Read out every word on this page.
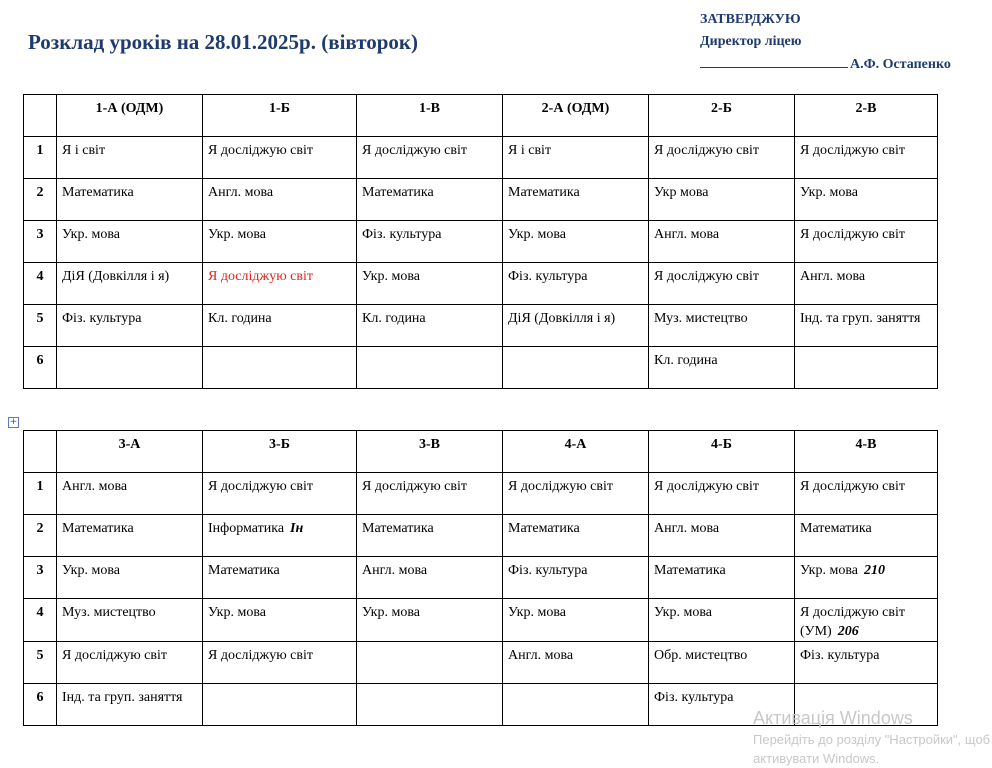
Розклад уроків на 28.01.2025р. (вівторок)
ЗАТВЕРДЖУЮ
Директор ліцею
А.Ф. Остапенко
	1-А (ОДМ)	1-Б	1-В	2-А (ОДМ)	2-Б	2-В
1	Я і світ	Я досліджую світ	Я досліджую світ	Я і світ	Я досліджую світ	Я досліджую світ
2	Математика	Англ. мова	Математика	Математика	Укр мова	Укр. мова
3	Укр. мова	Укр. мова	Фіз. культура	Укр. мова	Англ. мова	Я досліджую світ
4	ДіЯ (Довкілля і я)	Я досліджую світ	Укр. мова	Фіз. культура	Я досліджую світ	Англ. мова
5	Фіз. культура	Кл. година	Кл. година	ДіЯ (Довкілля і я)	Муз. мистецтво	Інд. та груп. заняття
6					Кл. година	
+
	3-А	3-Б	3-В	4-А	4-Б	4-В
1	Англ. мова	Я досліджую світ	Я досліджую світ	Я досліджую світ	Я досліджую світ	Я досліджую світ
2	Математика	Інформатика Ін	Математика	Математика	Англ. мова	Математика
3	Укр. мова	Математика	Англ. мова	Фіз. культура	Математика	Укр. мова 210
4	Муз. мистецтво	Укр. мова	Укр. мова	Укр. мова	Укр. мова	Я досліджую світ (УМ) 206
5	Я досліджую світ	Я досліджую світ		Англ. мова	Обр. мистецтво	Фіз. культура
6	Інд. та груп. заняття				Фіз. культура	
Активація Windows
Перейдіть до розділу "Настройки", щоб
активувати Windows.
